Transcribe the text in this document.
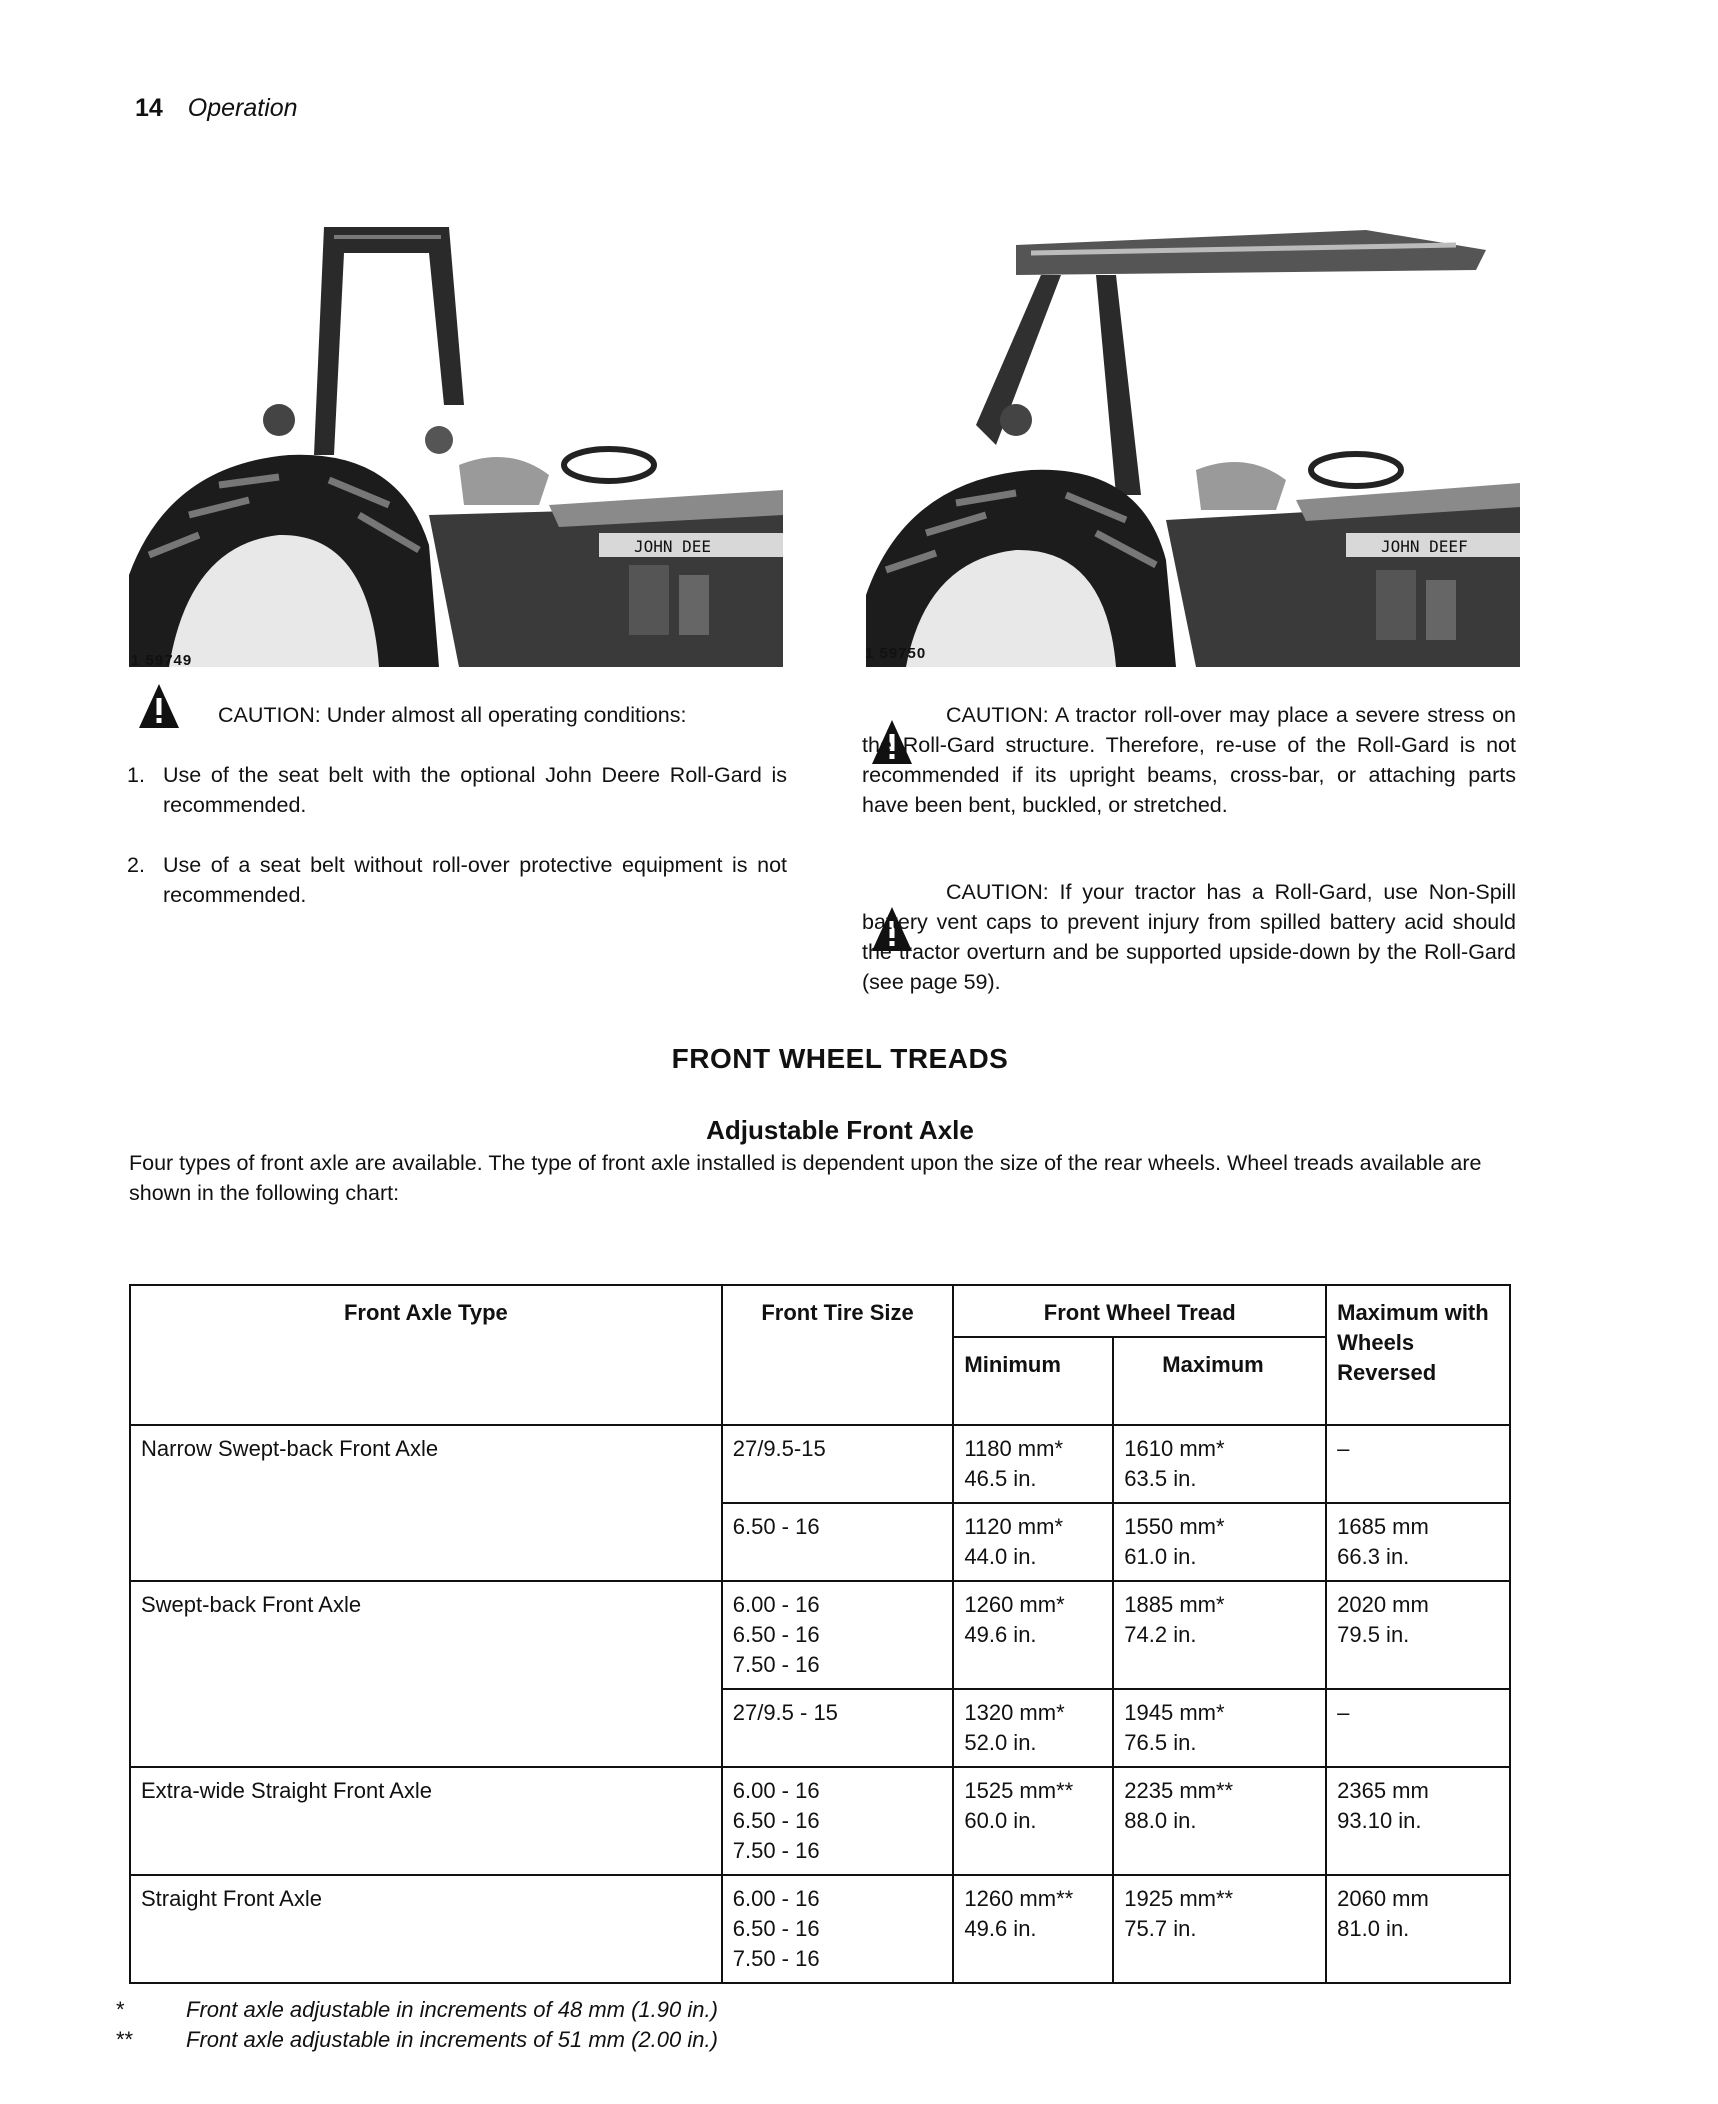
14 Operation
JOHN DEE
1 59749
JOHN DEEF
1 59750
CAUTION: Under almost all operating conditions:
1. Use of the seat belt with the optional John Deere Roll-Gard is recommended.
2. Use of a seat belt without roll-over protective equipment is not recommended.

CAUTION: A tractor roll-over may place a severe stress on the Roll-Gard structure. Therefore, re-use of the Roll-Gard is not recommended if its upright beams, cross-bar, or attaching parts have been bent, buckled, or stretched.

CAUTION: If your tractor has a Roll-Gard, use Non-Spill battery vent caps to prevent injury from spilled battery acid should the tractor overturn and be supported upside-down by the Roll-Gard (see page 59).

FRONT WHEEL TREADS
Adjustable Front Axle
Four types of front axle are available. The type of front axle installed is dependent upon the size of the rear wheels. Wheel treads available are shown in the following chart:
Front Axle Type	Front Tire Size	Front Wheel Tread		Maximum with Wheels Reversed
		Minimum	Maximum	
Narrow Swept-back Front Axle	27/9.5-15	1180 mm*
46.5 in.	1610 mm*
63.5 in.	–

	6.50 - 16	1120 mm*
44.0 in.	1550 mm*
61.0 in.	1685 mm
66.3 in.

Swept-back Front Axle	6.00 - 16
6.50 - 16
7.50 - 16	1260 mm*
49.6 in.	1885 mm*
74.2 in.	2020 mm
79.5 in.

	27/9.5 - 15	1320 mm*
52.0 in.	1945 mm*
76.5 in.	–

Extra-wide Straight Front Axle	6.00 - 16
6.50 - 16
7.50 - 16	1525 mm**
60.0 in.	2235 mm**
88.0 in.	2365 mm
93.10 in.

Straight Front Axle	6.00 - 16
6.50 - 16
7.50 - 16	1260 mm**
49.6 in.	1925 mm**
75.7 in.	2060 mm
81.0 in.
*	Front axle adjustable in increments of 48 mm (1.90 in.)
**	Front axle adjustable in increments of 51 mm (2.00 in.)
